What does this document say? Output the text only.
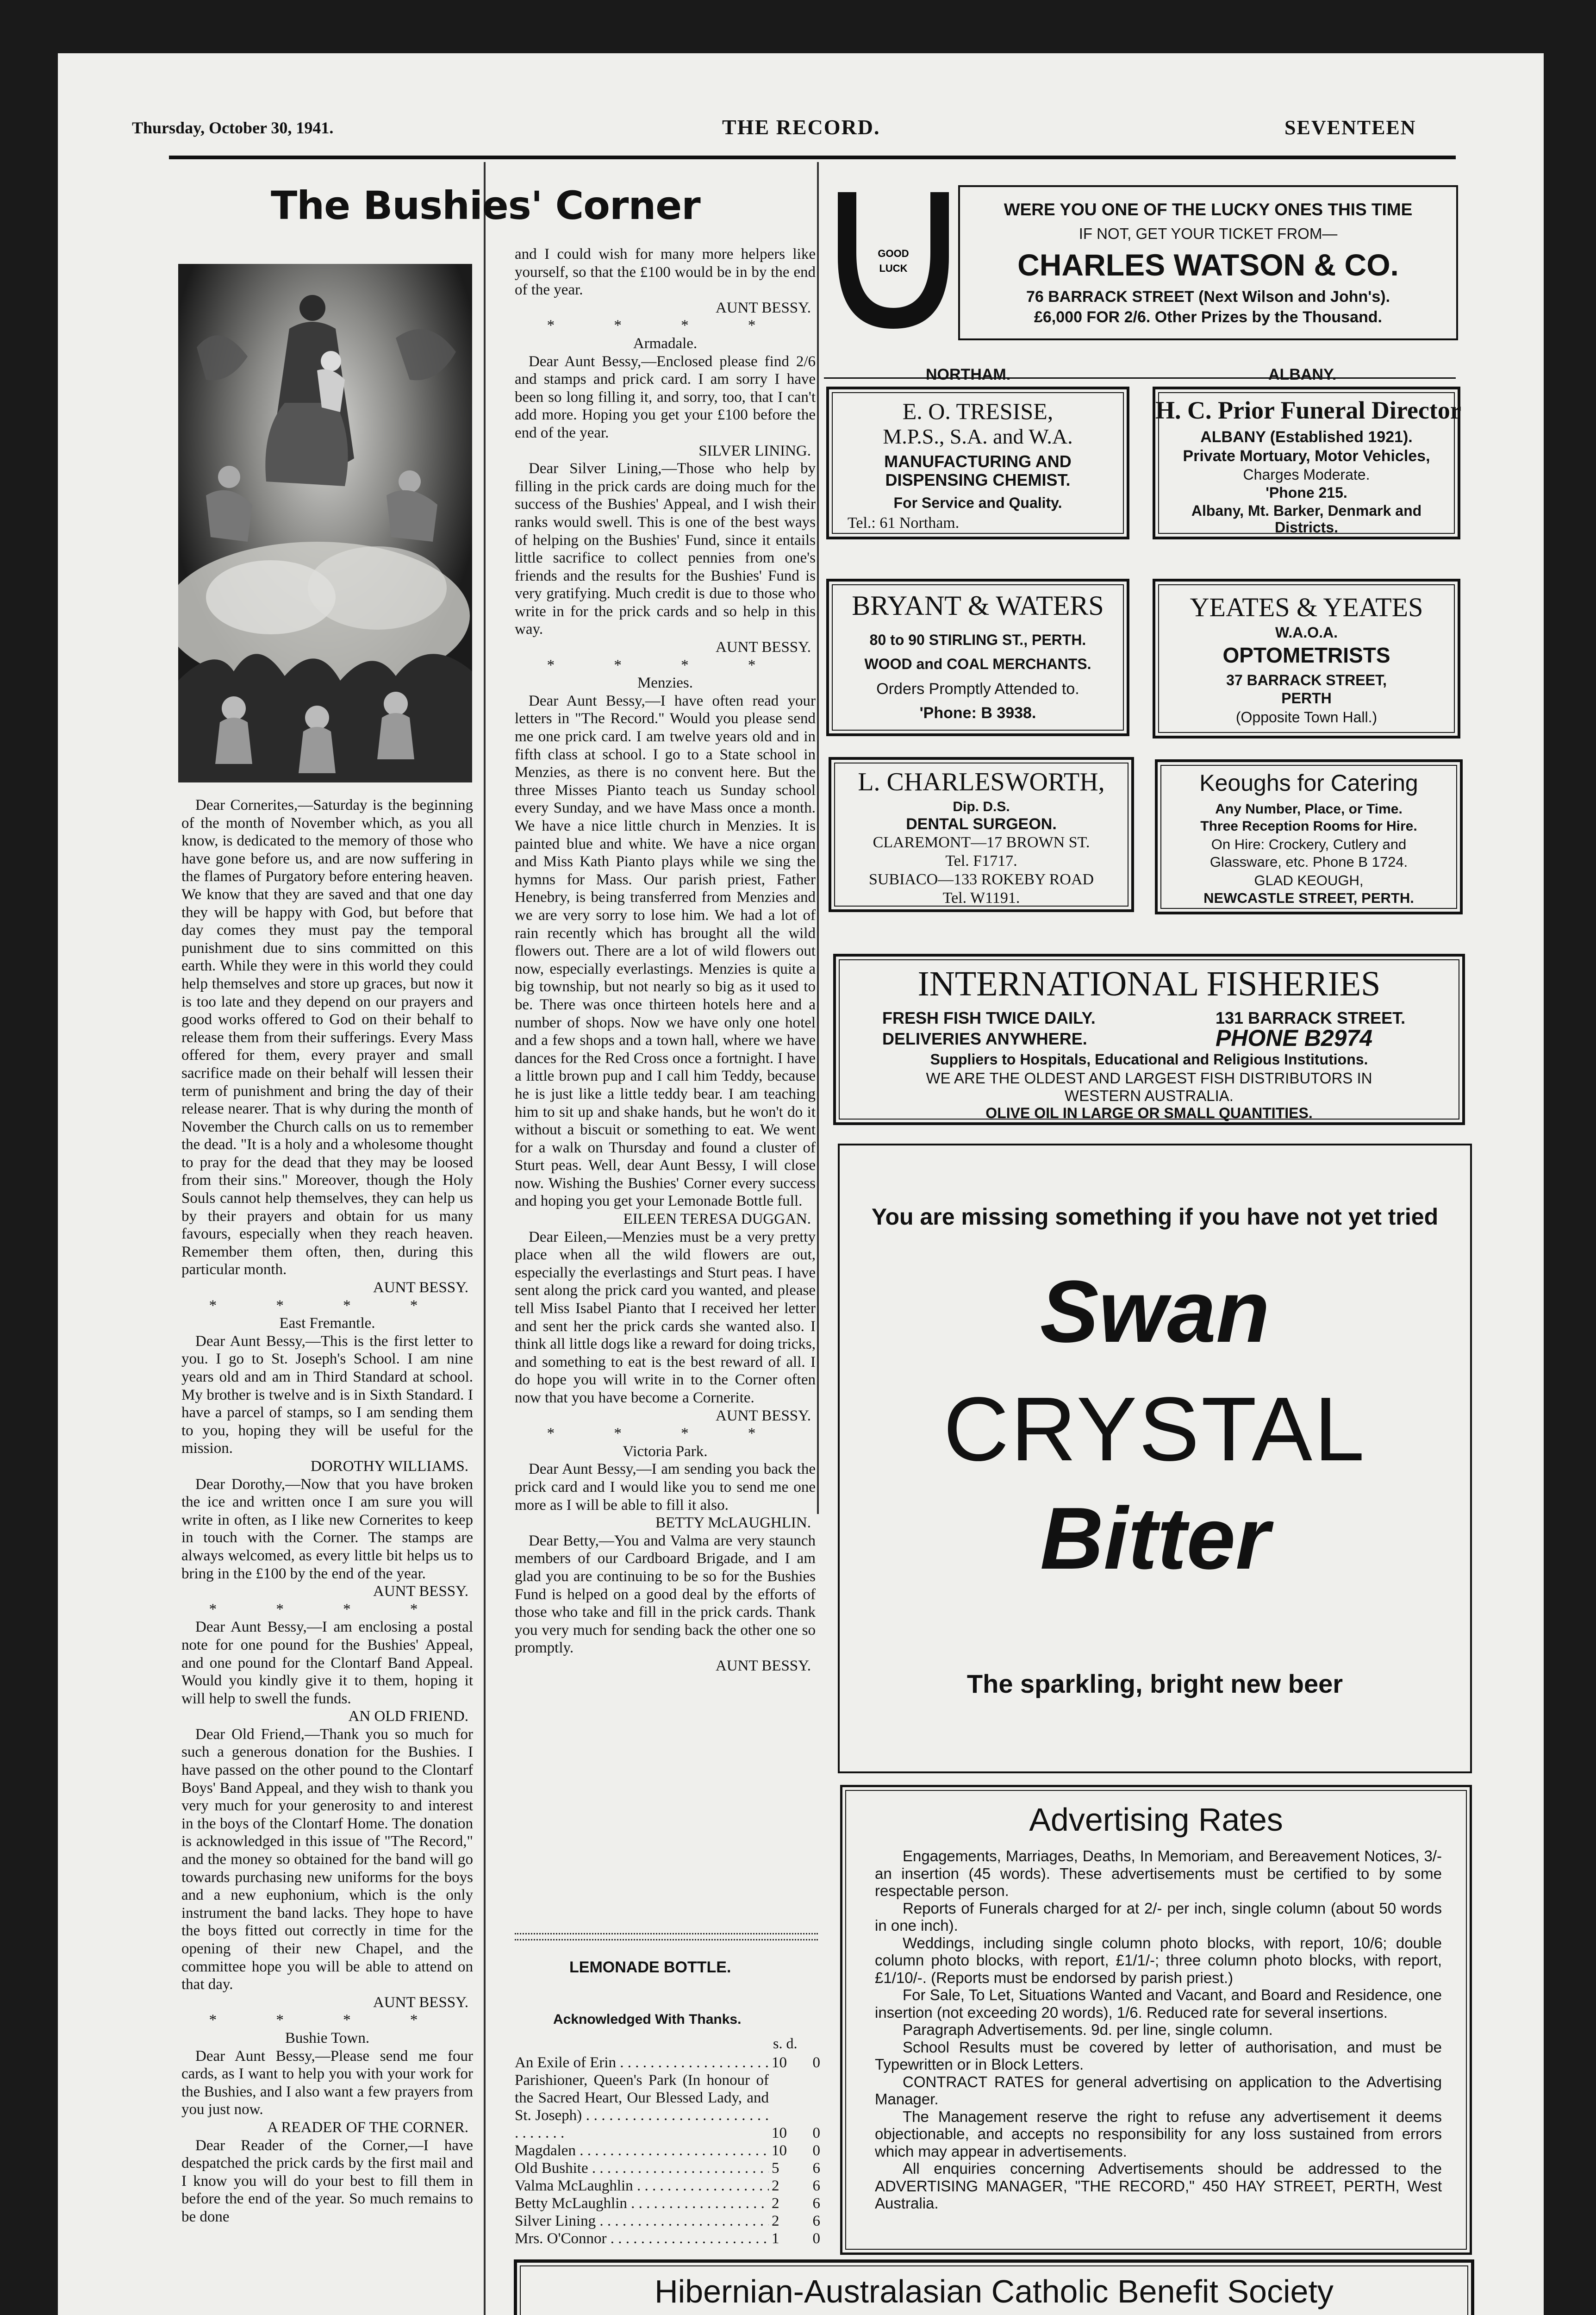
Thursday, October 30, 1941.	THE RECORD.	SEVENTEEN
The Bushies' Corner

Dear Cornerites,—Saturday is the beginning of the month of November which, as you all know, is dedicated to the memory of those who have gone before us, and are now suffering in the flames of Purgatory before entering heaven. We know that they are saved and that one day they will be happy with God, but before that day comes they must pay the temporal punishment due to sins committed on this earth. While they were in this world they could help themselves and store up graces, but now it is too late and they depend on our prayers and good works offered to God on their behalf to release them from their sufferings. Every Mass offered for them, every prayer and small sacrifice made on their behalf will lessen their term of punishment and bring the day of their release nearer. That is why during the month of November the Church calls on us to remember the dead. "It is a holy and a wholesome thought to pray for the dead that they may be loosed from their sins." Moreover, though the Holy Souls cannot help themselves, they can help us by their prayers and obtain for us many favours, especially when they reach heaven. Remember them often, then, during this particular month.

AUNT BESSY.

* * * *

East Fremantle.

Dear Aunt Bessy,—This is the first letter to you. I go to St. Joseph's School. I am nine years old and am in Third Standard at school. My brother is twelve and is in Sixth Standard. I have a parcel of stamps, so I am sending them to you, hoping they will be useful for the mission.

DOROTHY WILLIAMS.

Dear Dorothy,—Now that you have broken the ice and written once I am sure you will write in often, as I like new Cornerites to keep in touch with the Corner. The stamps are always welcomed, as every little bit helps us to bring in the £100 by the end of the year.

AUNT BESSY.

* * * *

Dear Aunt Bessy,—I am enclosing a postal note for one pound for the Bushies' Appeal, and one pound for the Clontarf Band Appeal. Would you kindly give it to them, hoping it will help to swell the funds.

AN OLD FRIEND.

Dear Old Friend,—Thank you so much for such a generous donation for the Bushies. I have passed on the other pound to the Clontarf Boys' Band Appeal, and they wish to thank you very much for your generosity to and interest in the boys of the Clontarf Home. The donation is acknowledged in this issue of "The Record," and the money so obtained for the band will go towards purchasing new uniforms for the boys and a new euphonium, which is the only instrument the band lacks. They hope to have the boys fitted out correctly in time for the opening of their new Chapel, and the committee hope you will be able to attend on that day.

AUNT BESSY.

* * * *

Bushie Town.

Dear Aunt Bessy,—Please send me four cards, as I want to help you with your work for the Bushies, and I also want a few prayers from you just now.

A READER OF THE CORNER.

Dear Reader of the Corner,—I have despatched the prick cards by the first mail and I know you will do your best to fill them in before the end of the year. So much remains to be done

and I could wish for many more helpers like yourself, so that the £100 would be in by the end of the year.

AUNT BESSY.

* * * *

Armadale.

Dear Aunt Bessy,—Enclosed please find 2/6 and stamps and prick card. I am sorry I have been so long filling it, and sorry, too, that I can't add more. Hoping you get your £100 before the end of the year.

SILVER LINING.

Dear Silver Lining,—Those who help by filling in the prick cards are doing much for the success of the Bushies' Appeal, and I wish their ranks would swell. This is one of the best ways of helping on the Bushies' Fund, since it entails little sacrifice to collect pennies from one's friends and the results for the Bushies' Fund is very gratifying. Much credit is due to those who write in for the prick cards and so help in this way.

AUNT BESSY.

* * * *

Menzies.

Dear Aunt Bessy,—I have often read your letters in "The Record." Would you please send me one prick card. I am twelve years old and in fifth class at school. I go to a State school in Menzies, as there is no convent here. But the three Misses Pianto teach us Sunday school every Sunday, and we have Mass once a month. We have a nice little church in Menzies. It is painted blue and white. We have a nice organ and Miss Kath Pianto plays while we sing the hymns for Mass. Our parish priest, Father Henebry, is being transferred from Menzies and we are very sorry to lose him. We had a lot of rain recently which has brought all the wild flowers out. There are a lot of wild flowers out now, especially everlastings. Menzies is quite a big township, but not nearly so big as it used to be. There was once thirteen hotels here and a number of shops. Now we have only one hotel and a few shops and a town hall, where we have dances for the Red Cross once a fortnight. I have a little brown pup and I call him Teddy, because he is just like a little teddy bear. I am teaching him to sit up and shake hands, but he won't do it without a biscuit or something to eat. We went for a walk on Thursday and found a cluster of Sturt peas. Well, dear Aunt Bessy, I will close now. Wishing the Bushies' Corner every success and hoping you get your Lemonade Bottle full.

EILEEN TERESA DUGGAN.

Dear Eileen,—Menzies must be a very pretty place when all the wild flowers are out, especially the everlastings and Sturt peas. I have sent along the prick card you wanted, and please tell Miss Isabel Pianto that I received her letter and sent her the prick cards she wanted also. I think all little dogs like a reward for doing tricks, and something to eat is the best reward of all. I do hope you will write in to the Corner often now that you have become a Cornerite.

AUNT BESSY.

* * * *

Victoria Park.

Dear Aunt Bessy,—I am sending you back the prick card and I would like you to send me one more as I will be able to fill it also.

BETTY McLAUGHLIN.

Dear Betty,—You and Valma are very staunch members of our Cardboard Brigade, and I am glad you are continuing to be so for the Bushies Fund is helped on a good deal by the efforts of those who take and fill in the prick cards. Thank you very much for sending back the other one so promptly.

AUNT BESSY.

LEMONADE BOTTLE.
Acknowledged With Thanks.
s. d.
An Exile of Erin . . .	10 0
Parishioner, Queen's Park (In honour of the Sacred Heart, Our Blessed Lady, and St. Joseph) . . .
10 0
Magdalen . . .	10 0
Old Bushite . . .	5 6
Valma McLaughlin . . .	2 6
Betty McLaughlin . . .	2 6
Silver Lining . . .	2 6
Mrs. O'Connor . . .	1 0
GOOD
LUCK
WERE YOU ONE OF THE LUCKY ONES THIS TIME
IF NOT, GET YOUR TICKET FROM—
CHARLES WATSON & CO.
76 BARRACK STREET (Next Wilson and John's).
£6,000 FOR 2/6. Other Prizes by the Thousand.
NORTHAM.	ALBANY.
E. O. TRESISE,
M.P.S., S.A. and W.A.
MANUFACTURING AND
DISPENSING CHEMIST.
For Service and Quality.
Tel.: 61 Northam.
H. C. Prior Funeral Director
ALBANY (Established 1921).
Private Mortuary, Motor Vehicles,
Charges Moderate.
'Phone 215.
Albany, Mt. Barker, Denmark and
Districts.
BRYANT & WATERS
80 to 90 STIRLING ST., PERTH.
WOOD and COAL MERCHANTS.
Orders Promptly Attended to.
'Phone: B 3938.
YEATES & YEATES
W.A.O.A.
OPTOMETRISTS
37 BARRACK STREET,
PERTH
(Opposite Town Hall.)
L. CHARLESWORTH,
Dip. D.S.
DENTAL SURGEON.
CLAREMONT—17 BROWN ST.
Tel. F1717.
SUBIACO—133 ROKEBY ROAD
Tel. W1191.
Keoughs for Catering
Any Number, Place, or Time.
Three Reception Rooms for Hire.
On Hire: Crockery, Cutlery and
Glassware, etc. Phone B 1724.
GLAD KEOUGH,
NEWCASTLE STREET, PERTH.
INTERNATIONAL FISHERIES
FRESH FISH TWICE DAILY.	131 BARRACK STREET.
DELIVERIES ANYWHERE.	PHONE B2974
Suppliers to Hospitals, Educational and Religious Institutions.
WE ARE THE OLDEST AND LARGEST FISH DISTRIBUTORS IN
WESTERN AUSTRALIA.
OLIVE OIL IN LARGE OR SMALL QUANTITIES.
You are missing something if you have not yet tried
Swan
CRYSTAL
Bitter
The sparkling, bright new beer
Advertising Rates
Engagements, Marriages, Deaths, In Memoriam, and Bereavement Notices, 3/- an insertion (45 words). These advertisements must be certified to by some respectable person.
Reports of Funerals charged for at 2/- per inch, single column (about 50 words in one inch).
Weddings, including single column photo blocks, with report, 10/6; double column photo blocks, with report, £1/1/-; three column photo blocks, with report, £1/10/-. (Reports must be endorsed by parish priest.)
For Sale, To Let, Situations Wanted and Vacant, and Board and Residence, one insertion (not exceeding 20 words), 1/6. Reduced rate for several insertions.
Paragraph Advertisements. 9d. per line, single column.
School Results must be covered by letter of authorisation, and must be Typewritten or in Block Letters.
CONTRACT RATES for general advertising on application to the Advertising Manager.
The Management reserve the right to refuse any advertisement it deems objectionable, and accepts no responsibility for any loss sustained from errors which may appear in advertisements.
All enquiries concerning Advertisements should be addressed to the ADVERTISING MANAGER, "THE RECORD," 450 HAY STREET, PERTH, West Australia.
Hibernian-Australasian Catholic Benefit Society
